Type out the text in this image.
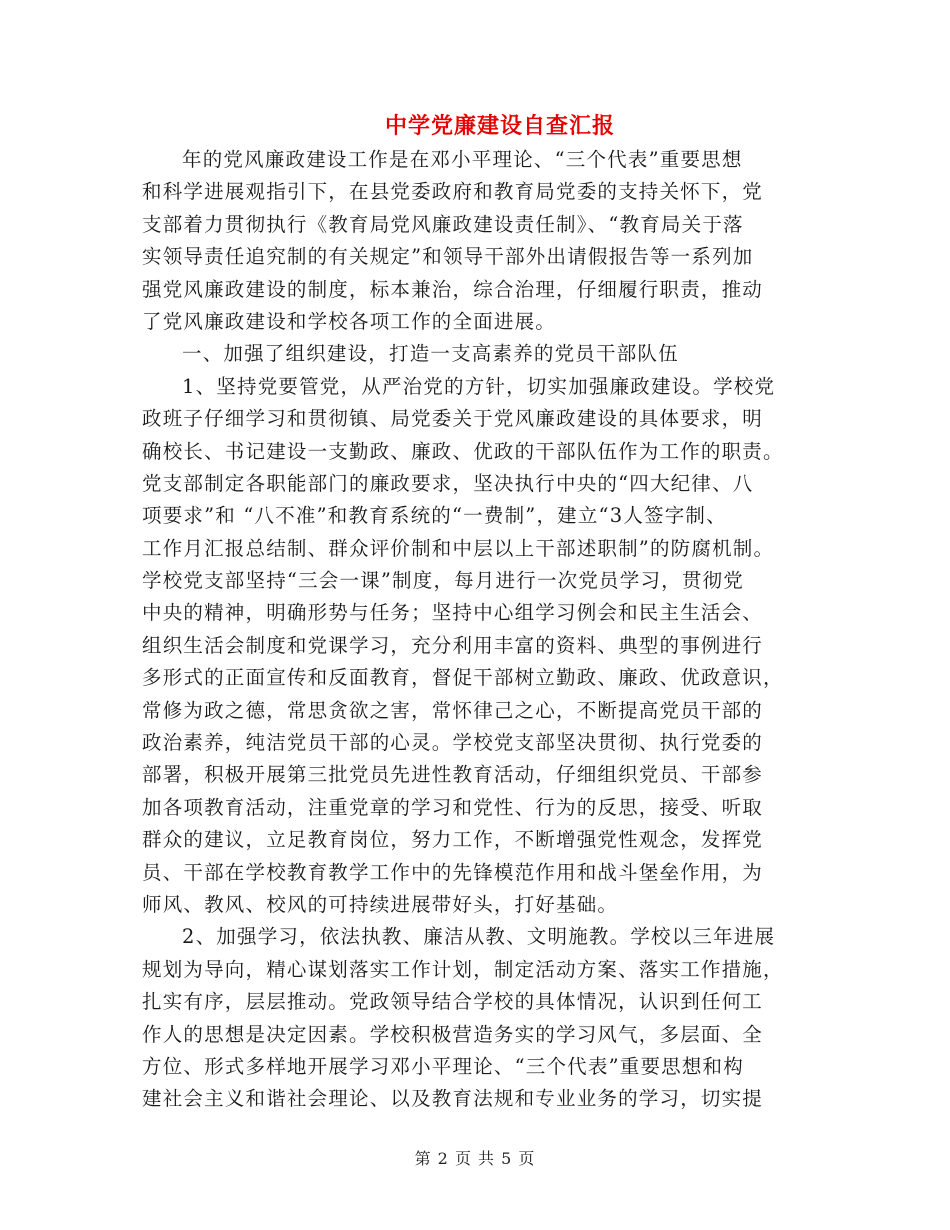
中学党廉建设自查汇报
年的党风廉政建设工作是在邓小平理论、“三个代表”重要思想
和科学进展观指引下，在县党委政府和教育局党委的支持关怀下，党
支部着力贯彻执行《教育局党风廉政建设责任制》、“教育局关于落
实领导责任追究制的有关规定”和领导干部外出请假报告等一系列加
强党风廉政建设的制度，标本兼治，综合治理，仔细履行职责，推动
了党风廉政建设和学校各项工作的全面进展。
一、加强了组织建设，打造一支高素养的党员干部队伍
1、坚持党要管党，从严治党的方针，切实加强廉政建设。学校党
政班子仔细学习和贯彻镇、局党委关于党风廉政建设的具体要求，明
确校长、书记建设一支勤政、廉政、优政的干部队伍作为工作的职责。
党支部制定各职能部门的廉政要求，坚决执行中央的“四大纪律、八
项要求”和 “八不准”和教育系统的“一费制”，建立“3人签字制、
工作月汇报总结制、群众评价制和中层以上干部述职制”的防腐机制。
学校党支部坚持“三会一课”制度，每月进行一次党员学习，贯彻党
中央的精神，明确形势与任务；坚持中心组学习例会和民主生活会、
组织生活会制度和党课学习，充分利用丰富的资料、典型的事例进行
多形式的正面宣传和反面教育，督促干部树立勤政、廉政、优政意识，
常修为政之德，常思贪欲之害，常怀律己之心，不断提高党员干部的
政治素养，纯洁党员干部的心灵。学校党支部坚决贯彻、执行党委的
部署，积极开展第三批党员先进性教育活动，仔细组织党员、干部参
加各项教育活动，注重党章的学习和党性、行为的反思，接受、听取
群众的建议，立足教育岗位，努力工作，不断增强党性观念，发挥党
员、干部在学校教育教学工作中的先锋模范作用和战斗堡垒作用，为
师风、教风、校风的可持续进展带好头，打好基础。
2、加强学习，依法执教、廉洁从教、文明施教。学校以三年进展
规划为导向，精心谋划落实工作计划，制定活动方案、落实工作措施，
扎实有序，层层推动。党政领导结合学校的具体情况，认识到任何工
作人的思想是决定因素。学校积极营造务实的学习风气，多层面、全
方位、形式多样地开展学习邓小平理论、“三个代表”重要思想和构
建社会主义和谐社会理论、以及教育法规和专业业务的学习，切实提
第 2 页 共 5 页
